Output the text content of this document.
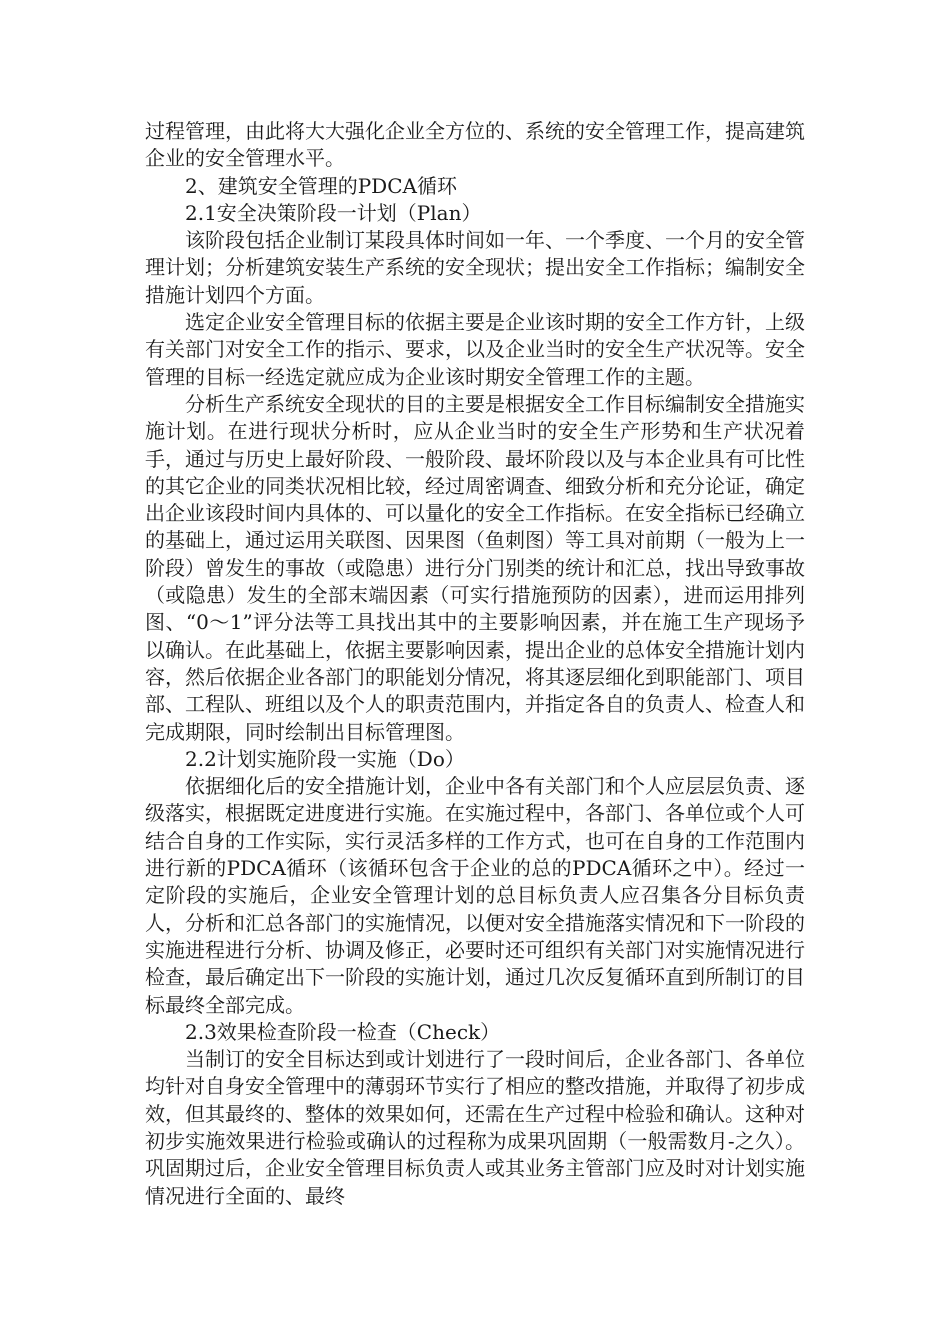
过程管理，由此将大大强化企业全方位的、系统的安全管理工作，提高建筑企业的安全管理水平。

2、建筑安全管理的PDCA循环

2.1安全决策阶段一计划（Plan）

该阶段包括企业制订某段具体时间如一年、一个季度、一个月的安全管理计划；分析建筑安装生产系统的安全现状；提出安全工作指标；编制安全措施计划四个方面。

选定企业安全管理目标的依据主要是企业该时期的安全工作方针，上级有关部门对安全工作的指示、要求，以及企业当时的安全生产状况等。安全管理的目标一经选定就应成为企业该时期安全管理工作的主题。

分析生产系统安全现状的目的主要是根据安全工作目标编制安全措施实施计划。在进行现状分析时，应从企业当时的安全生产形势和生产状况着手，通过与历史上最好阶段、一般阶段、最坏阶段以及与本企业具有可比性的其它企业的同类状况相比较，经过周密调查、细致分析和充分论证，确定出企业该段时间内具体的、可以量化的安全工作指标。在安全指标已经确立的基础上，通过运用关联图、因果图（鱼刺图）等工具对前期（一般为上一阶段）曾发生的事故（或隐患）进行分门别类的统计和汇总，找出导致事故（或隐患）发生的全部末端因素（可实行措施预防的因素），进而运用排列图、“0～1”评分法等工具找出其中的主要影响因素，并在施工生产现场予以确认。在此基础上，依据主要影响因素，提出企业的总体安全措施计划内容，然后依据企业各部门的职能划分情况，将其逐层细化到职能部门、项目部、工程队、班组以及个人的职责范围内，并指定各自的负责人、检查人和完成期限，同时绘制出目标管理图。

2.2计划实施阶段一实施（Do）

依据细化后的安全措施计划，企业中各有关部门和个人应层层负责、逐级落实，根据既定进度进行实施。在实施过程中，各部门、各单位或个人可结合自身的工作实际，实行灵活多样的工作方式，也可在自身的工作范围内进行新的PDCA循环（该循环包含于企业的总的PDCA循环之中）。经过一定阶段的实施后，企业安全管理计划的总目标负责人应召集各分目标负责人，分析和汇总各部门的实施情况，以便对安全措施落实情况和下一阶段的实施进程进行分析、协调及修正，必要时还可组织有关部门对实施情况进行检查，最后确定出下一阶段的实施计划，通过几次反复循环直到所制订的目标最终全部完成。

2.3效果检查阶段一检查（Check）

当制订的安全目标达到或计划进行了一段时间后，企业各部门、各单位均针对自身安全管理中的薄弱环节实行了相应的整改措施，并取得了初步成效，但其最终的、整体的效果如何，还需在生产过程中检验和确认。这种对初步实施效果进行检验或确认的过程称为成果巩固期（一般需数月-之久）。巩固期过后，企业安全管理目标负责人或其业务主管部门应及时对计划实施情况进行全面的、最终
